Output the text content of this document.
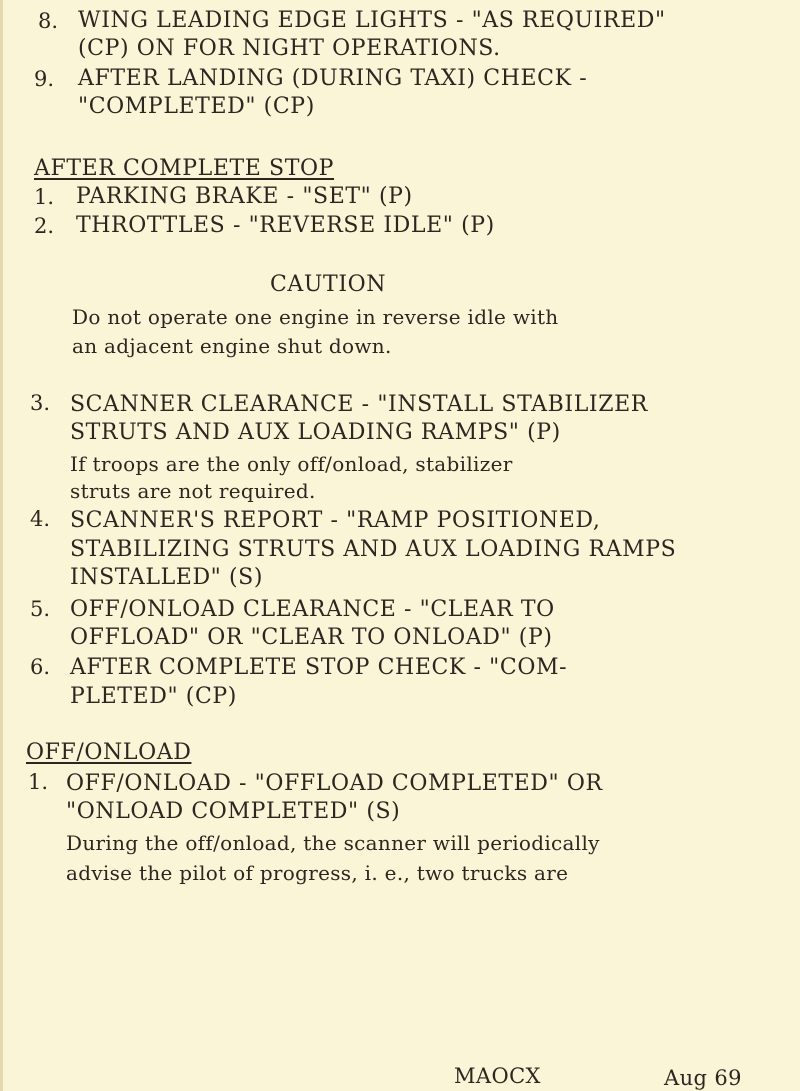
8. WING LEADING EDGE LIGHTS - "AS REQUIRED"
(CP) ON FOR NIGHT OPERATIONS.
9. AFTER LANDING (DURING TAXI) CHECK -
"COMPLETED" (CP)
AFTER COMPLETE STOP
1. PARKING BRAKE - "SET" (P)
2. THROTTLES - "REVERSE IDLE" (P)
CAUTION
Do not operate one engine in reverse idle with
an adjacent engine shut down.
3. SCANNER CLEARANCE - "INSTALL STABILIZER
STRUTS AND AUX LOADING RAMPS" (P)
If troops are the only off/onload, stabilizer
struts are not required.
4. SCANNER'S REPORT - "RAMP POSITIONED,
STABILIZING STRUTS AND AUX LOADING RAMPS
INSTALLED" (S)
5. OFF/ONLOAD CLEARANCE - "CLEAR TO
OFFLOAD" OR "CLEAR TO ONLOAD" (P)
6. AFTER COMPLETE STOP CHECK - "COM-
PLETED" (CP)
OFF/ONLOAD
1. OFF/ONLOAD - "OFFLOAD COMPLETED" OR
"ONLOAD COMPLETED" (S)
During the off/onload, the scanner will periodically
advise the pilot of progress, i. e., two trucks are
MAOCX	Aug 69
